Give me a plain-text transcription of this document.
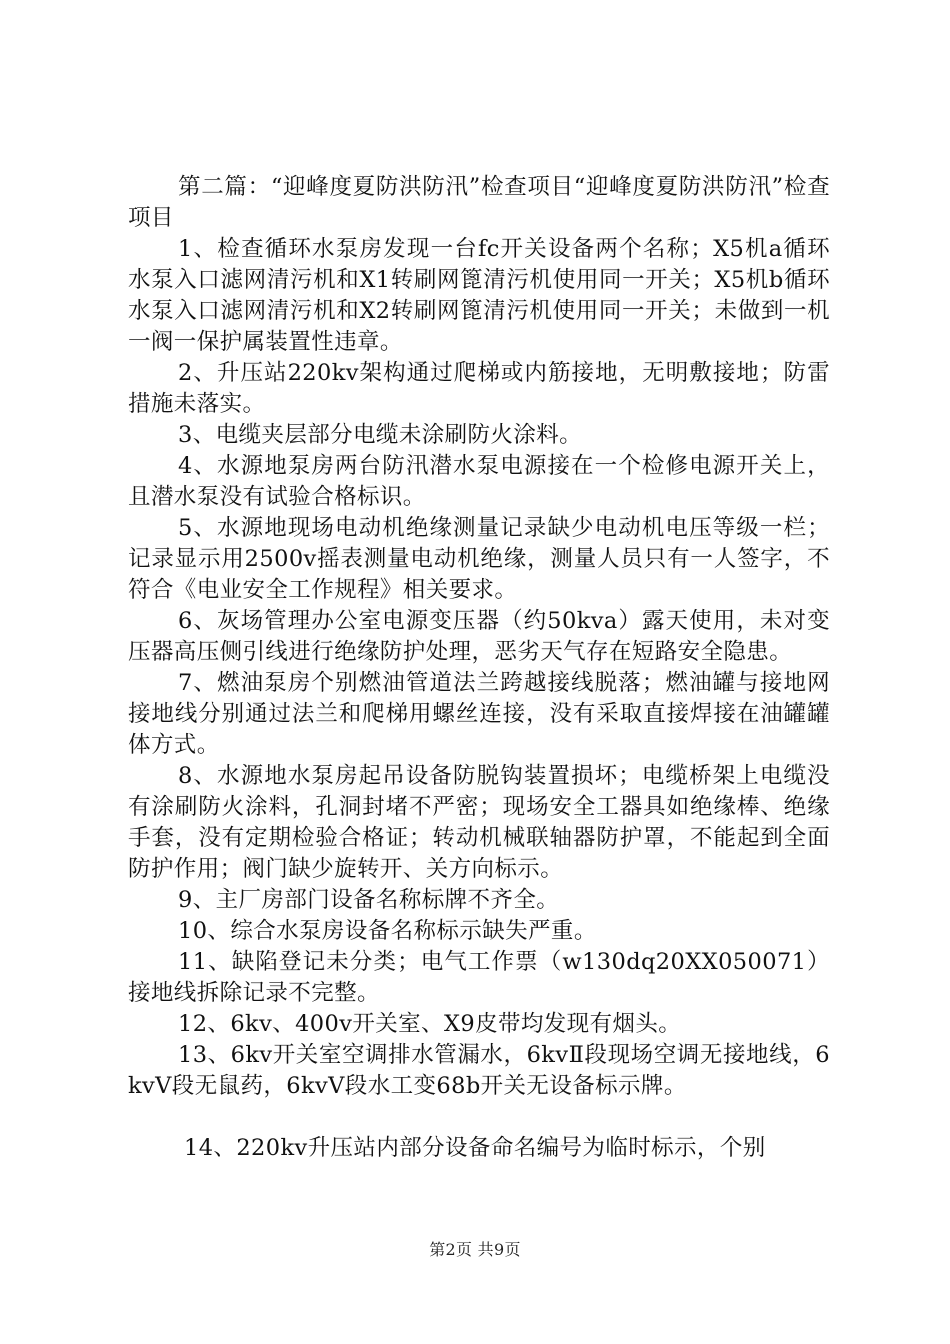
第二篇：“迎峰度夏防洪防汛”检查项目“迎峰度夏防洪防汛”检查项目

1、检查循环水泵房发现一台fc开关设备两个名称；X5机a循环水泵入口滤网清污机和X1转刷网篦清污机使用同一开关；X5机b循环水泵入口滤网清污机和X2转刷网篦清污机使用同一开关；未做到一机一阀一保护属装置性违章。

2、升压站220kv架构通过爬梯或内筋接地，无明敷接地；防雷措施未落实。

3、电缆夹层部分电缆未涂刷防火涂料。

4、水源地泵房两台防汛潜水泵电源接在一个检修电源开关上，且潜水泵没有试验合格标识。

5、水源地现场电动机绝缘测量记录缺少电动机电压等级一栏；记录显示用2500v摇表测量电动机绝缘，测量人员只有一人签字，不符合《电业安全工作规程》相关要求。

6、灰场管理办公室电源变压器（约50kva）露天使用，未对变压器高压侧引线进行绝缘防护处理，恶劣天气存在短路安全隐患。

7、燃油泵房个别燃油管道法兰跨越接线脱落；燃油罐与接地网接地线分别通过法兰和爬梯用螺丝连接，没有采取直接焊接在油罐罐体方式。

8、水源地水泵房起吊设备防脱钩装置损坏；电缆桥架上电缆没有涂刷防火涂料，孔洞封堵不严密；现场安全工器具如绝缘棒、绝缘手套，没有定期检验合格证；转动机械联轴器防护罩，不能起到全面防护作用；阀门缺少旋转开、关方向标示。

9、主厂房部门设备名称标牌不齐全。

10、综合水泵房设备名称标示缺失严重。

11、缺陷登记未分类；电气工作票（w130dq20XX050071）接地线拆除记录不完整。

12、6kv、400v开关室、X9皮带均发现有烟头。

13、6kv开关室空调排水管漏水，6kvⅡ段现场空调无接地线，6kvⅤ段无鼠药，6kvⅤ段水工变68b开关无设备标示牌。

14、220kv升压站内部分设备命名编号为临时标示，个别

第2页 共9页
